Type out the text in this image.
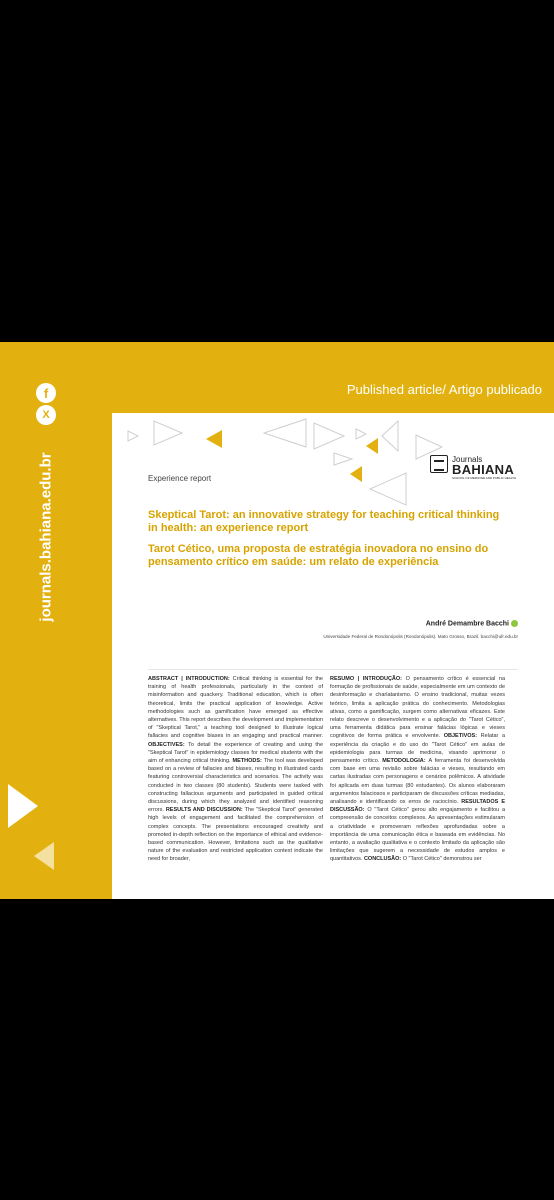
f
X
journals.bahiana.edu.br
Published article/ Artigo publicado
Experience report
Journals
BAHIANA
SCHOOL OF MEDICINE AND PUBLIC HEALTH
Skeptical Tarot: an innovative strategy for teaching critical thinking in health: an experience report
Tarot Cético, uma proposta de estratégia inovadora no ensino do pensamento crítico em saúde: um relato de experiência
André Demambre Bacchi
Universidade Federal de Rondonópolis (Rondonópolis). Mato Grosso, Brazil. bacchi@ufr.edu.br
ABSTRACT | INTRODUCTION: Critical thinking is essential for the training of health professionals, particularly in the context of misinformation and quackery. Traditional education, which is often theoretical, limits the practical application of knowledge. Active methodologies such as gamification have emerged as effective alternatives. This report describes the development and implementation of "Skeptical Tarot," a teaching tool designed to illustrate logical fallacies and cognitive biases in an engaging and practical manner. OBJECTIVES: To detail the experience of creating and using the "Skeptical Tarot" in epidemiology classes for medical students with the aim of enhancing critical thinking. METHODS: The tool was developed based on a review of fallacies and biases, resulting in illustrated cards featuring controversial characteristics and scenarios. The activity was conducted in two classes (80 students). Students were tasked with constructing fallacious arguments and participated in guided critical discussions, during which they analyzed and identified reasoning errors. RESULTS AND DISCUSSION: The "Skeptical Tarot" generated high levels of engagement and facilitated the comprehension of complex concepts. The presentations encouraged creativity and promoted in-depth reflection on the importance of ethical and evidence-based communication. However, limitations such as the qualitative nature of the evaluation and restricted application context indicate the need for broader,
RESUMO | INTRODUÇÃO: O pensamento crítico é essencial na formação de profissionais de saúde, especialmente em um contexto de desinformação e charlatanismo. O ensino tradicional, muitas vezes teórico, limita a aplicação prática do conhecimento. Metodologias ativas, como a gamificação, surgem como alternativas eficazes. Este relato descreve o desenvolvimento e a aplicação do "Tarot Cético", uma ferramenta didática para ensinar falácias lógicas e vieses cognitivos de forma prática e envolvente. OBJETIVOS: Relatar a experiência da criação e do uso do "Tarot Cético" em aulas de epidemiologia para turmas de medicina, visando aprimorar o pensamento crítico. METODOLOGIA: A ferramenta foi desenvolvida com base em uma revisão sobre falácias e vieses, resultando em cartas ilustradas com personagens e cenários polêmicos. A atividade foi aplicada em duas turmas (80 estudantes). Os alunos elaboraram argumentos falaciosos e participaram de discussões críticas mediadas, analisando e identificando os erros de raciocínio. RESULTADOS E DISCUSSÃO: O "Tarot Cético" gerou alto engajamento e facilitou a compreensão de conceitos complexos. As apresentações estimularam a criatividade e promoveram reflexões aprofundadas sobre a importância de uma comunicação ética e baseada em evidências. No entanto, a avaliação qualitativa e o contexto limitado da aplicação são limitações que sugerem a necessidade de estudos amplos e quantitativos. CONCLUSÃO: O "Tarot Cético" demonstrou ser
